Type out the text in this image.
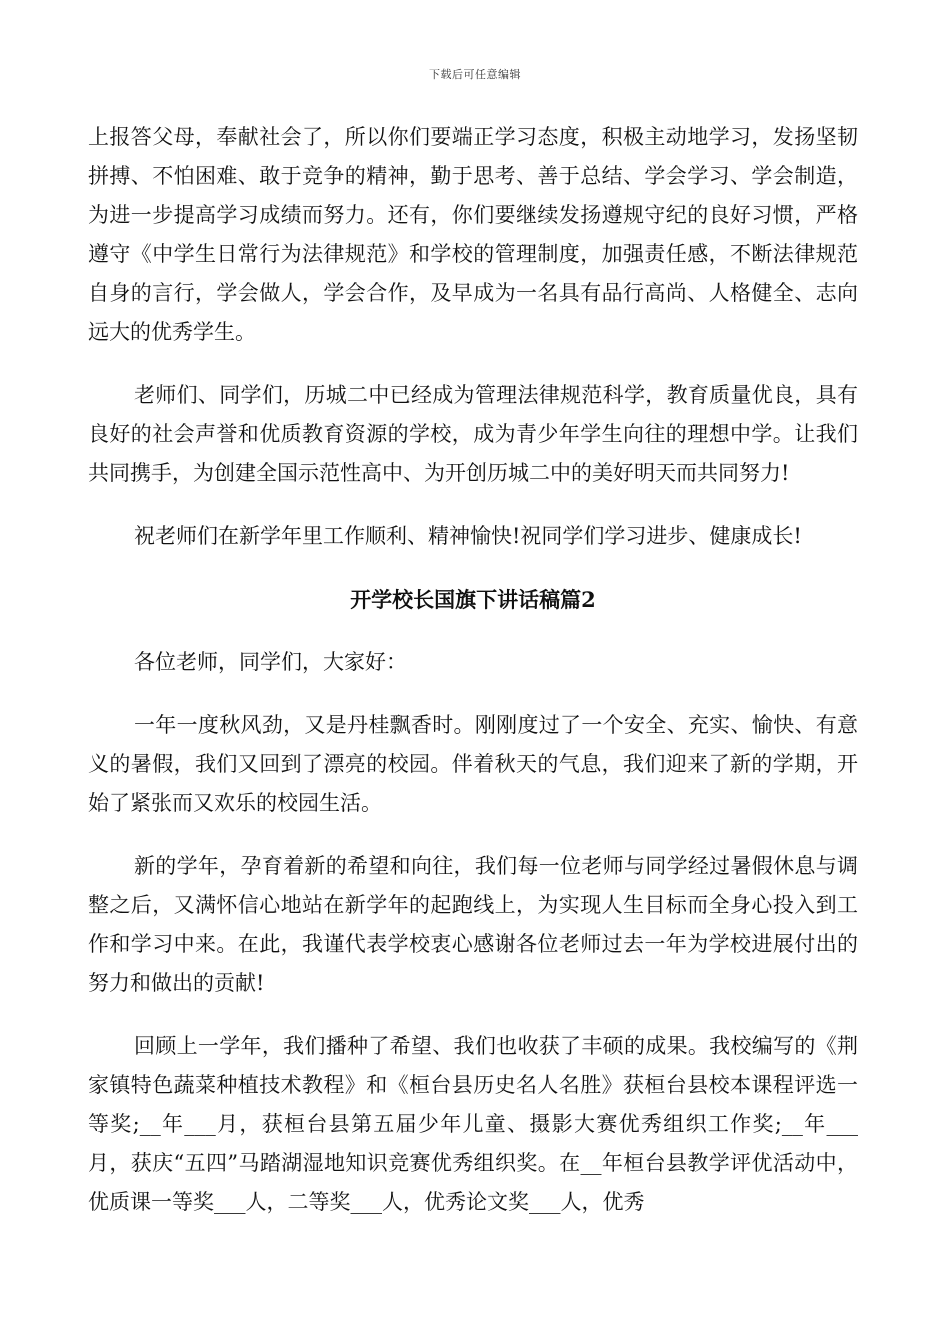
下载后可任意编辑

上报答父母，奉献社会了，所以你们要端正学习态度，积极主动地学习，发扬坚韧拼搏、不怕困难、敢于竞争的精神，勤于思考、善于总结、学会学习、学会制造，为进一步提高学习成绩而努力。还有，你们要继续发扬遵规守纪的良好习惯，严格遵守《中学生日常行为法律规范》和学校的管理制度，加强责任感，不断法律规范自身的言行，学会做人，学会合作，及早成为一名具有品行高尚、人格健全、志向远大的优秀学生。

老师们、同学们，历城二中已经成为管理法律规范科学，教育质量优良，具有良好的社会声誉和优质教育资源的学校，成为青少年学生向往的理想中学。让我们共同携手，为创建全国示范性高中、为开创历城二中的美好明天而共同努力!

祝老师们在新学年里工作顺利、精神愉快!祝同学们学习进步、健康成长!

开学校长国旗下讲话稿篇2

各位老师，同学们，大家好：

一年一度秋风劲，又是丹桂飘香时。刚刚度过了一个安全、充实、愉快、有意义的暑假，我们又回到了漂亮的校园。伴着秋天的气息，我们迎来了新的学期，开始了紧张而又欢乐的校园生活。

新的学年，孕育着新的希望和向往，我们每一位老师与同学经过暑假休息与调整之后，又满怀信心地站在新学年的起跑线上，为实现人生目标而全身心投入到工作和学习中来。在此，我谨代表学校衷心感谢各位老师过去一年为学校进展付出的努力和做出的贡献!

回顾上一学年，我们播种了希望、我们也收获了丰硕的成果。我校编写的《荆家镇特色蔬菜种植技术教程》和《桓台县历史名人名胜》获桓台县校本课程评选一等奖;__年___月，获桓台县第五届少年儿童、摄影大赛优秀组织工作奖;__年___月，获庆“五四”马踏湖湿地知识竞赛优秀组织奖。在__年桓台县教学评优活动中，优质课一等奖___人，二等奖___人，优秀论文奖___人，优秀
